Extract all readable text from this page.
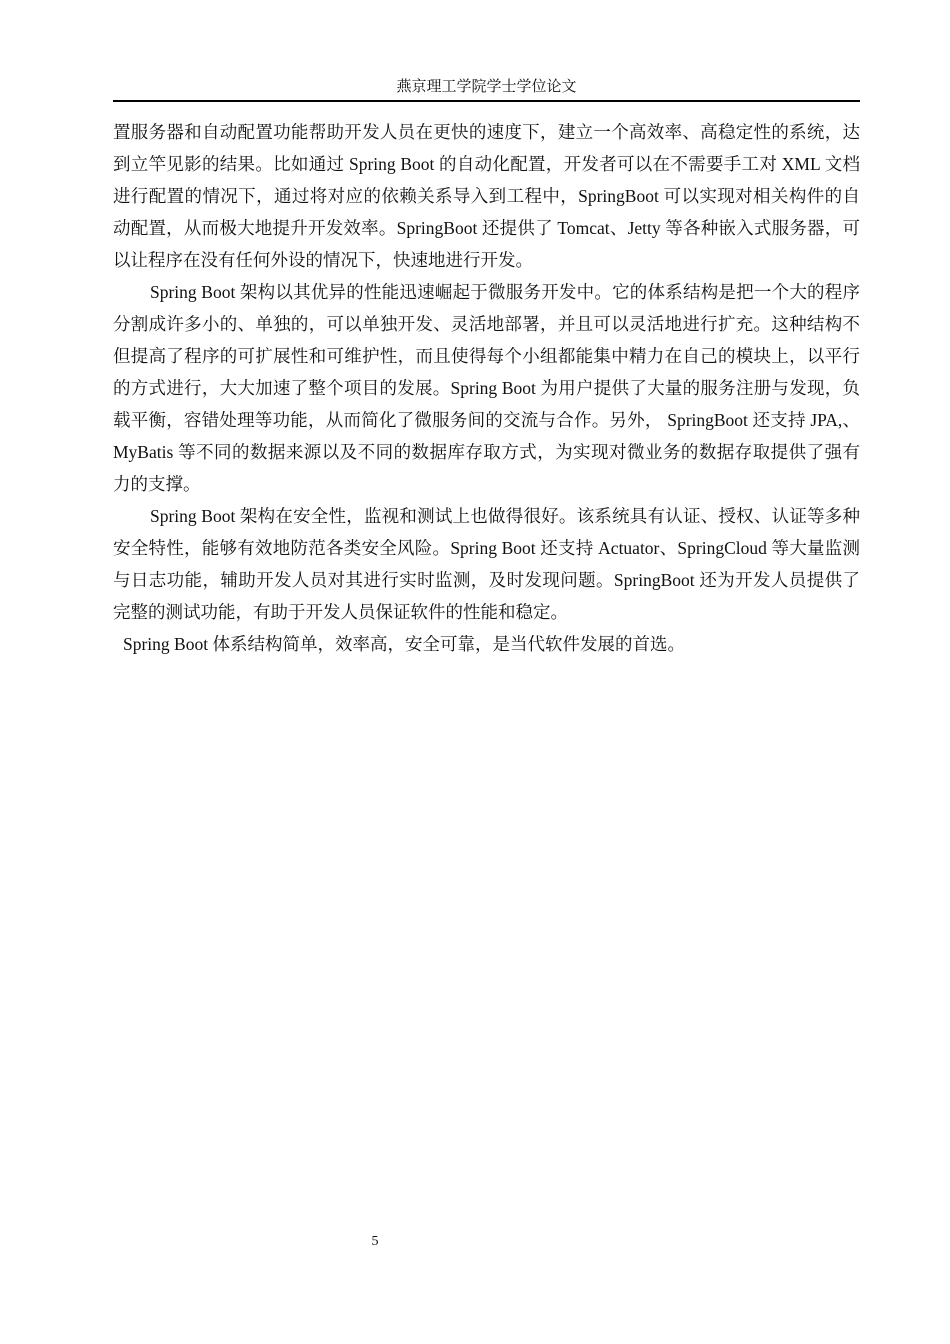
燕京理工学院学士学位论文

置服务器和自动配置功能帮助开发人员在更快的速度下，建立一个高效率、高稳定性的系统，达到立竿见影的结果。比如通过 Spring Boot 的自动化配置，开发者可以在不需要手工对 XML 文档进行配置的情况下，通过将对应的依赖关系导入到工程中，SpringBoot 可以实现对相关构件的自动配置，从而极大地提升开发效率。SpringBoot 还提供了 Tomcat、Jetty 等各种嵌入式服务器，可以让程序在没有任何外设的情况下，快速地进行开发。

Spring Boot 架构以其优异的性能迅速崛起于微服务开发中。它的体系结构是把一个大的程序分割成许多小的、单独的，可以单独开发、灵活地部署，并且可以灵活地进行扩充。这种结构不但提高了程序的可扩展性和可维护性，而且使得每个小组都能集中精力在自己的模块上，以平行的方式进行，大大加速了整个项目的发展。Spring Boot 为用户提供了大量的服务注册与发现，负载平衡，容错处理等功能，从而简化了微服务间的交流与合作。另外， SpringBoot 还支持 JPA,、MyBatis 等不同的数据来源以及不同的数据库存取方式，为实现对微业务的数据存取提供了强有力的支撑。

Spring Boot 架构在安全性，监视和测试上也做得很好。该系统具有认证、授权、认证等多种安全特性，能够有效地防范各类安全风险。Spring Boot 还支持 Actuator、SpringCloud 等大量监测与日志功能，辅助开发人员对其进行实时监测，及时发现问题。SpringBoot 还为开发人员提供了完整的测试功能，有助于开发人员保证软件的性能和稳定。

Spring Boot 体系结构简单，效率高，安全可靠，是当代软件发展的首选。

5
